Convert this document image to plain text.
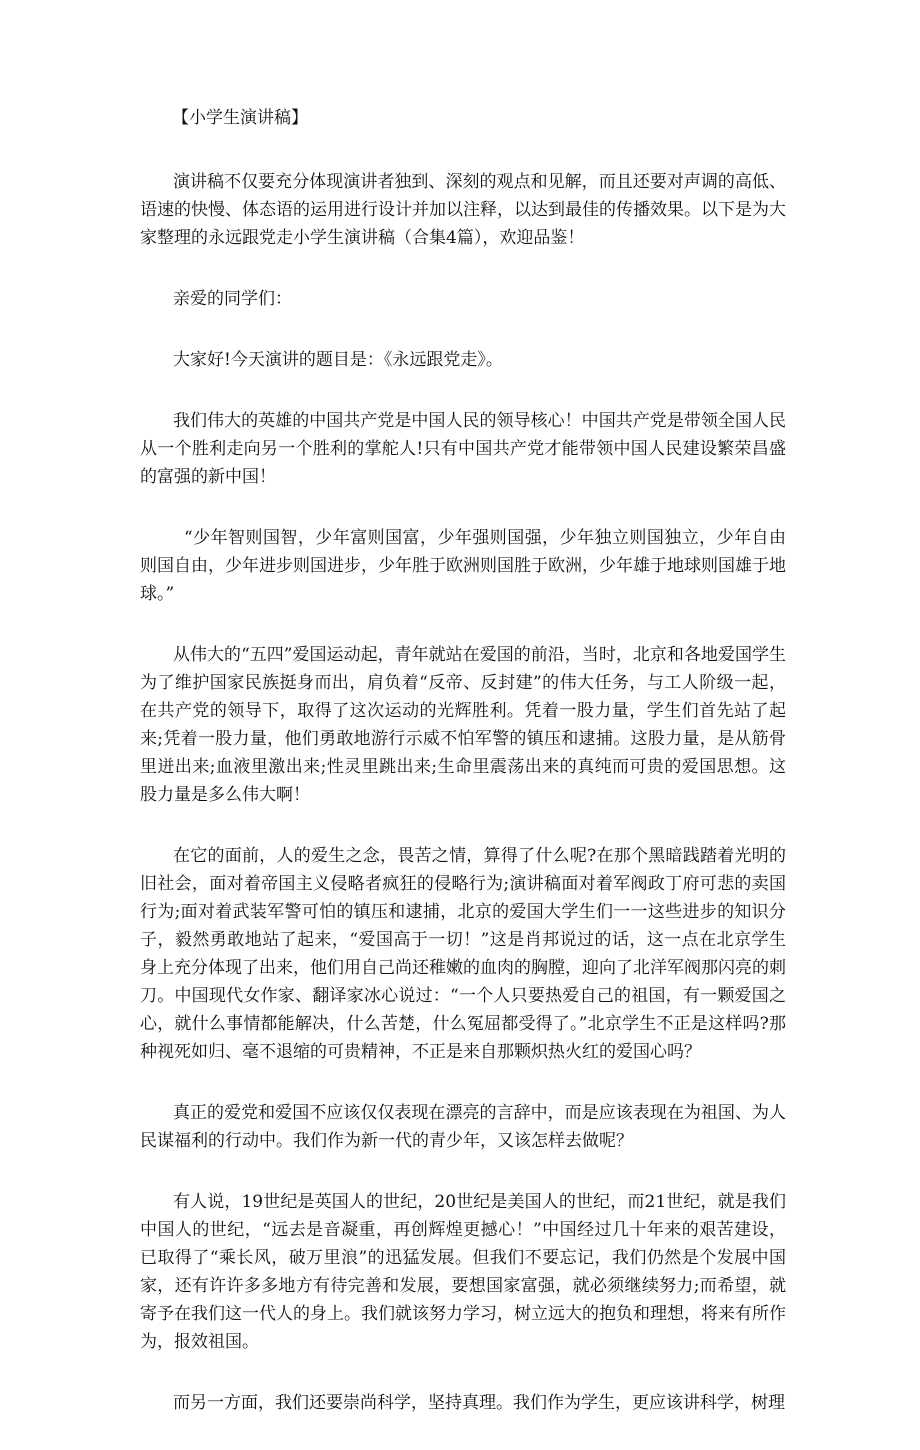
【小学生演讲稿】

演讲稿不仅要充分体现演讲者独到、深刻的观点和见解，而且还要对声调的高低、语速的快慢、体态语的运用进行设计并加以注释，以达到最佳的传播效果。以下是为大家整理的永远跟党走小学生演讲稿（合集4篇），欢迎品鉴！

亲爱的同学们：

大家好!今天演讲的题目是：《永远跟党走》。

我们伟大的英雄的中国共产党是中国人民的领导核心！中国共产党是带领全国人民从一个胜利走向另一个胜利的掌舵人!只有中国共产党才能带领中国人民建设繁荣昌盛的富强的新中国！

“少年智则国智，少年富则国富，少年强则国强，少年独立则国独立，少年自由则国自由，少年进步则国进步，少年胜于欧洲则国胜于欧洲，少年雄于地球则国雄于地球。”

从伟大的“五四”爱国运动起，青年就站在爱国的前沿，当时，北京和各地爱国学生为了维护国家民族挺身而出，肩负着“反帝、反封建”的伟大任务，与工人阶级一起，在共产党的领导下，取得了这次运动的光辉胜利。凭着一股力量，学生们首先站了起来;凭着一股力量，他们勇敢地游行示威不怕军警的镇压和逮捕。这股力量，是从筋骨里迸出来;血液里激出来;性灵里跳出来;生命里震荡出来的真纯而可贵的爱国思想。这股力量是多么伟大啊！

在它的面前，人的爱生之念，畏苦之情，算得了什么呢?在那个黑暗践踏着光明的旧社会，面对着帝国主义侵略者疯狂的侵略行为;演讲稿面对着军阀政丁府可悲的卖国行为;面对着武装军警可怕的镇压和逮捕，北京的爱国大学生们一一这些进步的知识分子，毅然勇敢地站了起来，“爱国高于一切！”这是肖邦说过的话，这一点在北京学生身上充分体现了出来，他们用自己尚还稚嫩的血肉的胸膛，迎向了北洋军阀那闪亮的刺刀。中国现代女作家、翻译家冰心说过：“一个人只要热爱自己的祖国，有一颗爱国之心，就什么事情都能解决，什么苦楚，什么冤屈都受得了。”北京学生不正是这样吗?那种视死如归、毫不退缩的可贵精神，不正是来自那颗炽热火红的爱国心吗？

真正的爱党和爱国不应该仅仅表现在漂亮的言辞中，而是应该表现在为祖国、为人民谋福利的行动中。我们作为新一代的青少年，又该怎样去做呢？

有人说，19世纪是英国人的世纪，20世纪是美国人的世纪，而21世纪，就是我们中国人的世纪，“远去是音凝重，再创辉煌更撼心！”中国经过几十年来的艰苦建设，已取得了“乘长风，破万里浪”的迅猛发展。但我们不要忘记，我们仍然是个发展中国家，还有许许多多地方有待完善和发展，要想国家富强，就必须继续努力;而希望，就寄予在我们这一代人的身上。我们就该努力学习，树立远大的抱负和理想，将来有所作为，报效祖国。

而另一方面，我们还要崇尚科学，坚持真理。我们作为学生，更应该讲科学，树理
